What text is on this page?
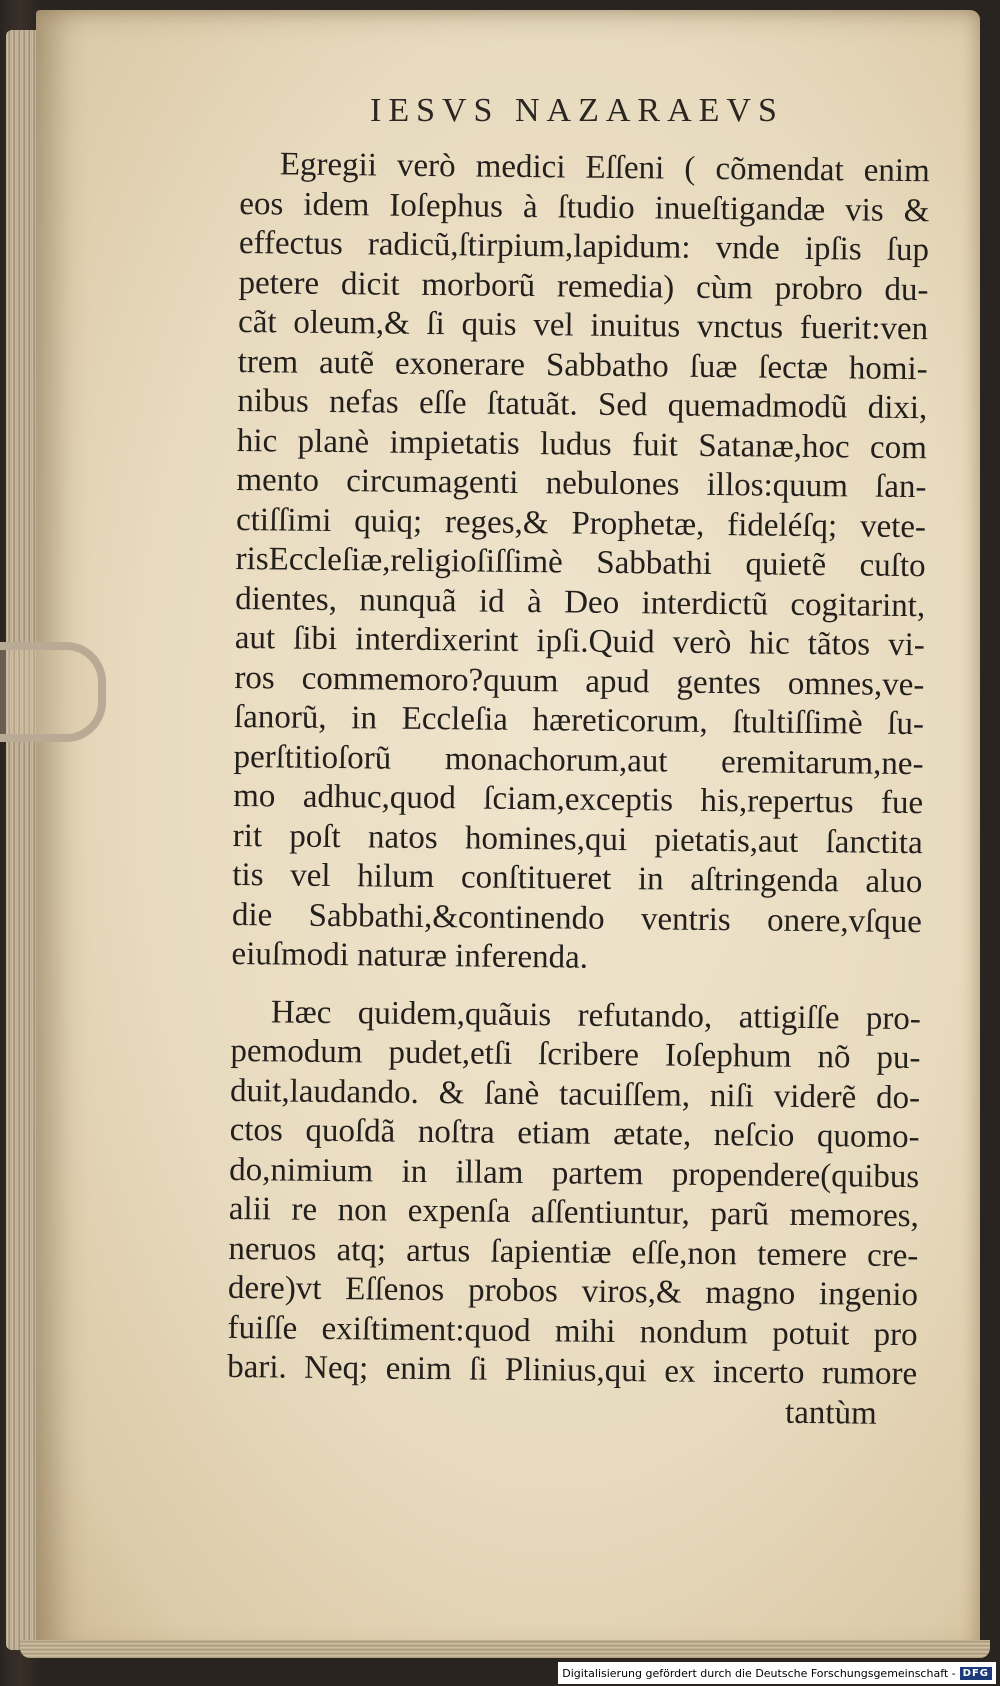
IESVS NAZARAEVS
Egregii verò medici Eſſeni ( cõmendat enim
eos idem Ioſephus à ſtudio inueſtigandæ vis &
effectus radicũ,ſtirpium,lapidum: vnde ipſis ſup
petere dicit morborũ remedia) cùm probro du-
cãt oleum,& ſi quis vel inuitus vnctus fuerit:ven
trem autẽ exonerare Sabbatho ſuæ ſectæ homi-
nibus nefas eſſe ſtatuãt. Sed quemadmodũ dixi,
hic planè impietatis ludus fuit Satanæ,hoc com
mento circumagenti nebulones illos:quum ſan-
ctiſſimi quiq; reges,& Prophetæ, fideléſq; vete-
risEccleſiæ,religioſiſſimè Sabbathi quietẽ cuſto
dientes, nunquã id à Deo interdictũ cogitarint,
aut ſibi interdixerint ipſi.Quid verò hic tãtos vi-
ros commemoro?quum apud gentes omnes,ve-
ſanorũ, in Eccleſia hæreticorum, ſtultiſſimè ſu-
perſtitioſorũ monachorum,aut eremitarum,ne-
mo adhuc,quod ſciam,exceptis his,repertus fue
rit poſt natos homines,qui pietatis,aut ſanctita
tis vel hilum conſtitueret in aſtringenda aluo
die Sabbathi,&continendo ventris onere,vſque
eiuſmodi naturæ inferenda.
Hæc quidem,quãuis refutando, attigiſſe pro-
pemodum pudet,etſi ſcribere Ioſephum nõ pu-
duit,laudando. & ſanè tacuiſſem, niſi viderẽ do-
ctos quoſdã noſtra etiam ætate, neſcio quomo-
do,nimium in illam partem propendere(quibus
alii re non expenſa aſſentiuntur, parũ memores,
neruos atq; artus ſapientiæ eſſe,non temere cre-
dere)vt Eſſenos probos viros,& magno ingenio
fuiſſe exiſtiment:quod mihi nondum potuit pro
bari. Neq; enim ſi Plinius,qui ex incerto rumore
tantùm
Digitalisierung gefördert durch die Deutsche Forschungsgemeinschaft - DFG
